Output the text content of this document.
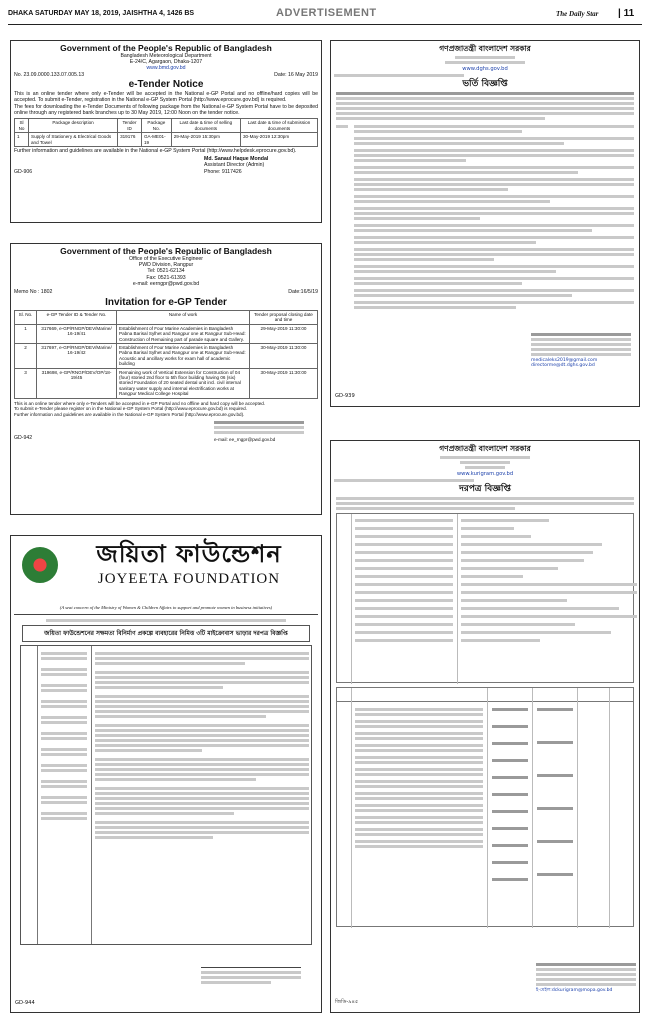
DHAKA SATURDAY MAY 18, 2019, JAISHTHA 4, 1426 BS	ADVERTISEMENT	The Daily Star | 11
Government of the People's Republic of Bangladesh
Bangladesh Meteorological Department
E-24/C, Agargaon, Dhaka-1207
www.bmd.gov.bd
No. 23.09.0000.133.07.005.13	Date: 16 May 2019
e-Tender Notice
This is an online tender where only e-Tender will be accepted in the National e-GP Portal and no offline/hard copies will be accepted. To submit e-Tender, registration in the National e-GP System Portal (http://www.eprocure.gov.bd) is required.
The fees for downloading the e-Tender Documents of following package from the National e-GP System Portal have to be deposited online through any registered bank branches up to 30 May 2019, 12:00 Noon on the tender notice.
Sl No	Package description	Tender ID	Package No.	Last date & time of selling documents	Last date & time of submission documents
1	Supply of Stationery & Electrical Goods and Towel	319176	GA-ME01-19	29-May-2019 15:30pm	30-May-2019 12:30pm
Further information and guidelines are available in the National e-GP System Portal (http://www.helpdesk.eprocure.gov.bd).
Md. Sanaul Haque Mondal
Assistant Director (Admin)
GD-906	Phone: 9117426
Government of the People's Republic of Bangladesh
Office of the Executive Engineer
PWD Division, Rangpur
Tel: 0521-62134
Fax: 0521-61393
e-mail: eerngpr@pwd.gov.bd
Memo No : 1802	Date:16/5/19
Invitation for e-GP Tender
Sl. No.	e-GP Tender ID & Tender No.	Name of work	Tender proposal closing date and time
1	317669, e-GP/RNGP/DEV/Marine/ 16-19/41	Establishment of Four Marine Academies in Bangladesh Pabna Barisal Sylhet and Rangpur one at Rangpur Sub-Head: Construction of Remaining part of parade square and Gallery.	29-May-2019 11:30:00
2	317697, e-GP/RNGP/DEV/Marine/ 16-19/42	Establishment of Four Marine Academies in Bangladesh Pabna Barisal Sylhet and Rangpur one at Rangpur Sub-Head: Acoustic and ancillary works for exam hall of academic building	30-May-2019 11:30:00
3	319698, e-GP/RNGP/DEV/OP/18-19/45	Remaining work of Vertical Extension for Construction of 04 (four) storied 2nd floor to 5th floor building having 06 (six) storied Foundation of 20 seated dental unit incl. civil internal sanitary water supply and internal electrification works at Rangpur Medical College Hospital	30-May-2019 11:30:00
This is an online tender where only e-Tenders will be accepted in e-GP Portal and no offline and hard copy will be accepted.
To submit e-Tender please register on in the National e-GP System Portal (http://www.eprocure.gov.bd) is required.
Further information and guidelines are available in the National e-GP System Portal (http://www.eprocure.gov.bd).
e-mail: ee_rngpr@pwd.gov.bd
GD-942
জয়িতা ফাউন্ডেশন
JOYEETA FOUNDATION
(A seat concern of the Ministry of Women & Children Affairs to support and promote women in business initiatives)
জয়িতা ফাউন্ডেশনের সক্ষমতা বিনির্মাণ প্রকল্পে ব্যবহারের নিমিত্ত ৩টি মাইক্রোবাস ভাড়ার দরপত্র বিজ্ঞপ্তি
GD-944
গণপ্রজাতন্ত্রী বাংলাদেশ সরকার
www.dghs.gov.bd
ভর্তি বিজ্ঞপ্তি
medicaleks2019@gmail.com
directorme@dt.dghs.gov.bd
GD-939
গণপ্রজাতন্ত্রী বাংলাদেশ সরকার
www.kurigram.gov.bd
দরপত্র বিজ্ঞপ্তি
ই-মেইল:dckurigram@mopa.gov.bd
জিডি-৯৪৫
